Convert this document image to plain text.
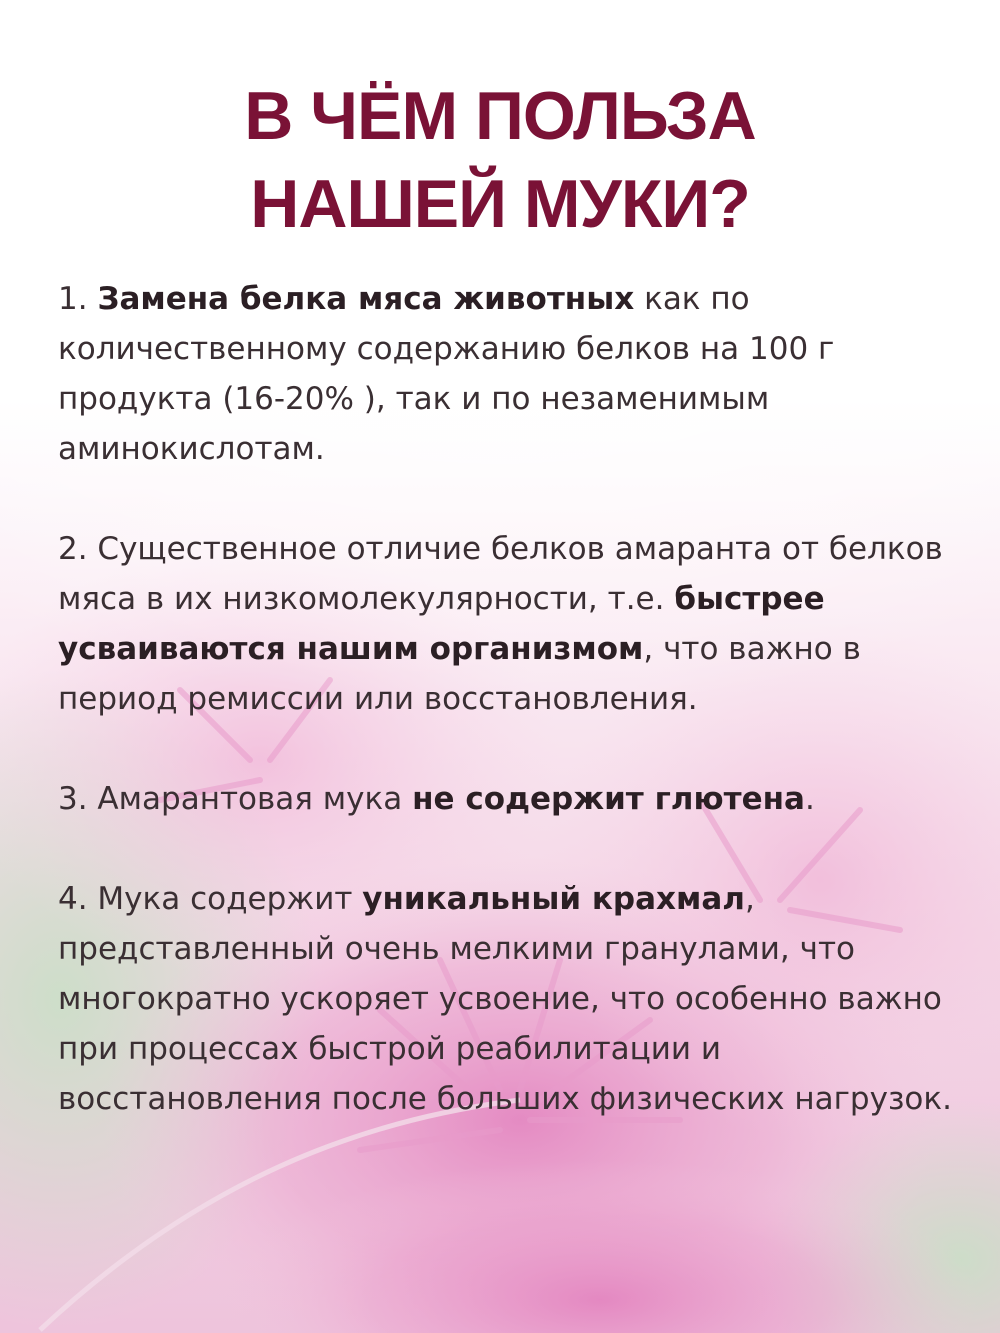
В ЧЁМ ПОЛЬЗА
НАШЕЙ МУКИ?

1. Замена белка мяса животных как по количественному содержанию белков на 100 г продукта (16-20% ), так и по незаменимым аминокислотам.

2. Существенное отличие белков амаранта от белков мяса в их низкомолекулярности, т.е. быстрее усваиваются нашим организмом, что важно в период ремиссии или восстановления.

3. Амарантовая мука не содержит глютена.

4. Мука содержит уникальный крахмал, представленный очень мелкими гранулами, что многократно ускоряет усвоение, что особенно важно при процессах быстрой реабилитации и восстановления после больших физических нагрузок.
